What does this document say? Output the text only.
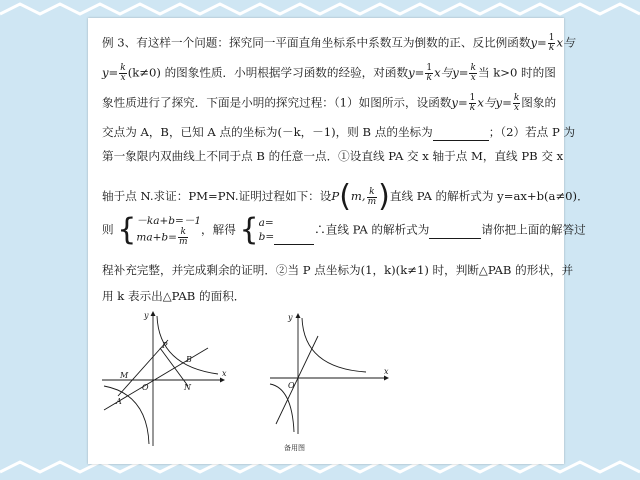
例 3、有这样一个问题：探究同一平面直角坐标系中系数互为倒数的正、反比例函数$y= \frac{1}{k}$ x与
$y= \frac{k}{x} (k\ne 0)$ 的图象性质．小明根据学习函数的经验，对函数$y= \frac{1}{k}$ x与$y= \frac{k}{x}$ 当 k>0 时的图
象性质进行了探究．下面是小明的探究过程：（1）如图所示，设函数$y= \frac{1}{k}$ x与$y= \frac{k}{x}$ 图象的
交点为 A，B，已知 A 点的坐标为(－k，－1)，则 B 点的坐标为	；（2）若点 P 为
第一象限内双曲线上不同于点 B 的任意一点．①设直线 PA 交 x 轴于点 M，直线 PB 交 x
轴于点 N.求证：PM=PN.证明过程如下：设P(m, $\frac{k}{m}$ )直线 PA 的解析式为 y=ax+b(a≠0)．
则 { －ka+b=－1
$ma+b= \frac{k}{m}$ ，解得 { a=
b=
∴直线 PA 的解析式为	请你把上面的解答过
程补充完整，并完成剩余的证明．②当 P 点坐标为(1，k)(k≠1) 时，判断△PAB 的形状，并
用 k 表示出△PAB 的面积．
y
x
O
P
B
M
N
A
y
x
O
备用图
